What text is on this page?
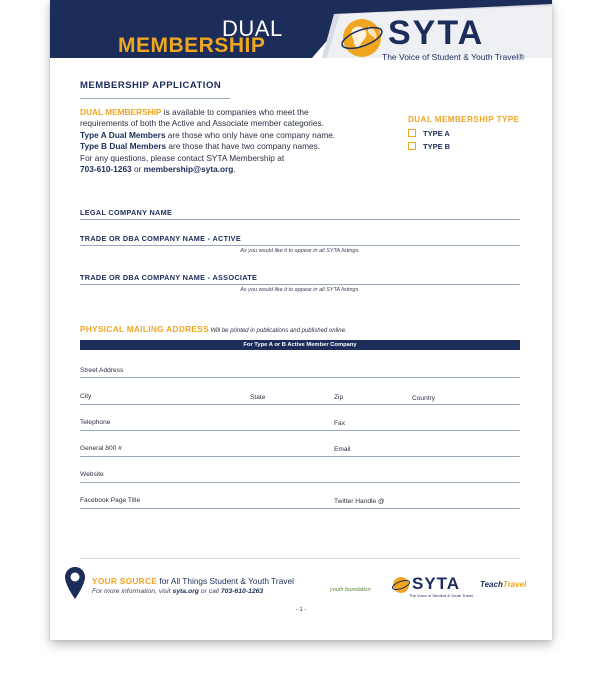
DUAL
MEMBERSHIP	SYTA
The Voice of Student & Youth Travel®
MEMBERSHIP APPLICATION
DUAL MEMBERSHIP is available to companies who meet the
requirements of both the Active and Associate member categories.
Type A Dual Members are those who only have one company name.
Type B Dual Members are those that have two company names.
For any questions, please contact SYTA Membership at
703-610-1263 or membership@syta.org.
DUAL MEMBERSHIP TYPE
TYPE A
TYPE B
LEGAL COMPANY NAME
TRADE OR DBA COMPANY NAME - ACTIVE
As you would like it to appear in all SYTA listings.
TRADE OR DBA COMPANY NAME - ASSOCIATE
As you would like it to appear in all SYTA listings.
PHYSICAL MAILING ADDRESS Will be printed in publications and published online.
For Type A or B Active Member Company
Street Address
City	State	Zip	Country
Telephone	Fax
General 800 #	Email
Website
Facebook Page Title	Twitter Handle @
YOUR SOURCE for All Things Student & Youth Travel
For more information, visit syta.org or call 703-610-1263	youth foundation	SYTA
The Voice of Student & Youth Travel
TeachTravel
- 1 -
